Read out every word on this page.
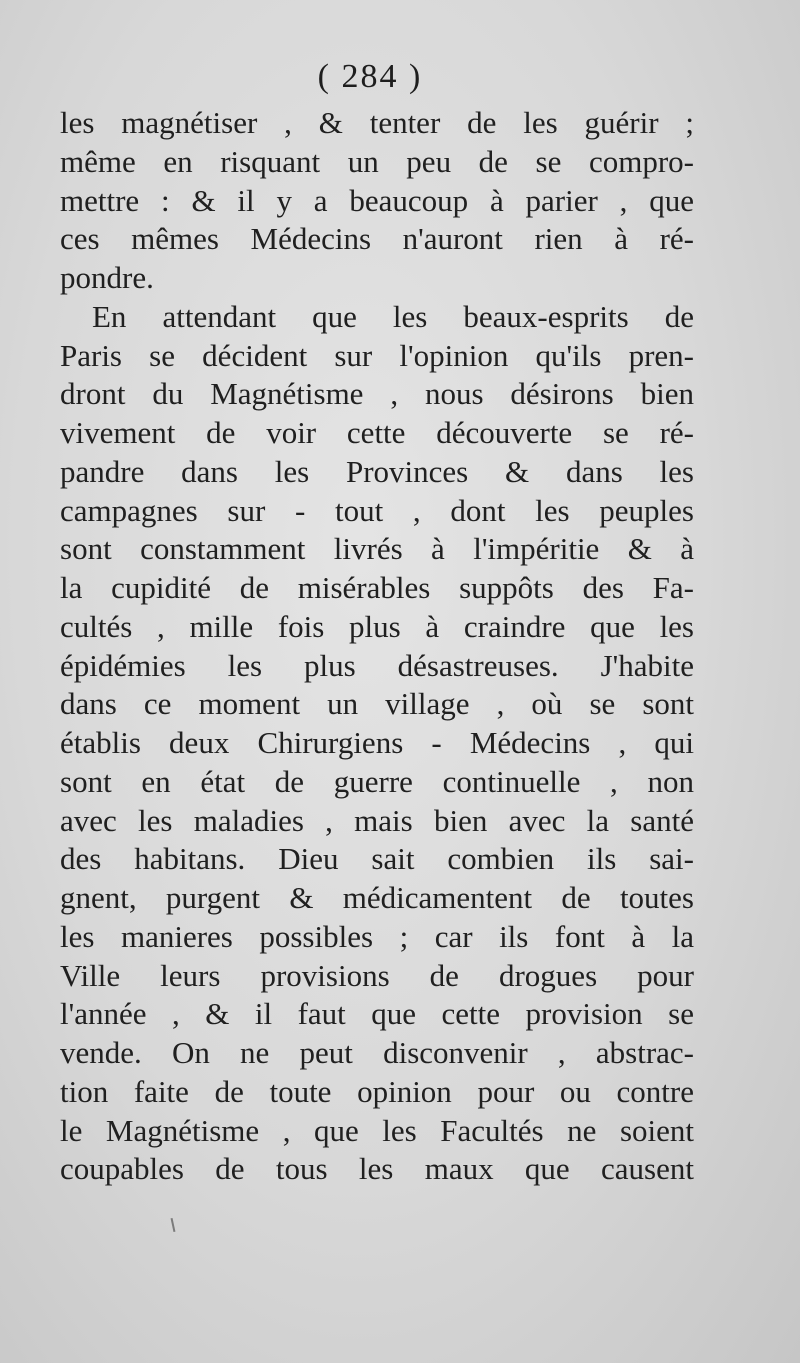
( 284 )
les magnétiser , & tenter de les guérir ;
même en risquant un peu de se compro-
mettre : & il y a beaucoup à parier , que
ces mêmes Médecins n'auront rien à ré-
pondre.
En attendant que les beaux-esprits de
Paris se décident sur l'opinion qu'ils pren-
dront du Magnétisme , nous désirons bien
vivement de voir cette découverte se ré-
pandre dans les Provinces & dans les
campagnes sur - tout , dont les peuples
sont constamment livrés à l'impéritie & à
la cupidité de misérables suppôts des Fa-
cultés , mille fois plus à craindre que les
épidémies les plus désastreuses. J'habite
dans ce moment un village , où se sont
établis deux Chirurgiens - Médecins , qui
sont en état de guerre continuelle , non
avec les maladies , mais bien avec la santé
des habitans. Dieu sait combien ils sai-
gnent, purgent & médicamentent de toutes
les manieres possibles ; car ils font à la
Ville leurs provisions de drogues pour
l'année , & il faut que cette provision se
vende. On ne peut disconvenir , abstrac-
tion faite de toute opinion pour ou contre
le Magnétisme , que les Facultés ne soient
coupables de tous les maux que causent
